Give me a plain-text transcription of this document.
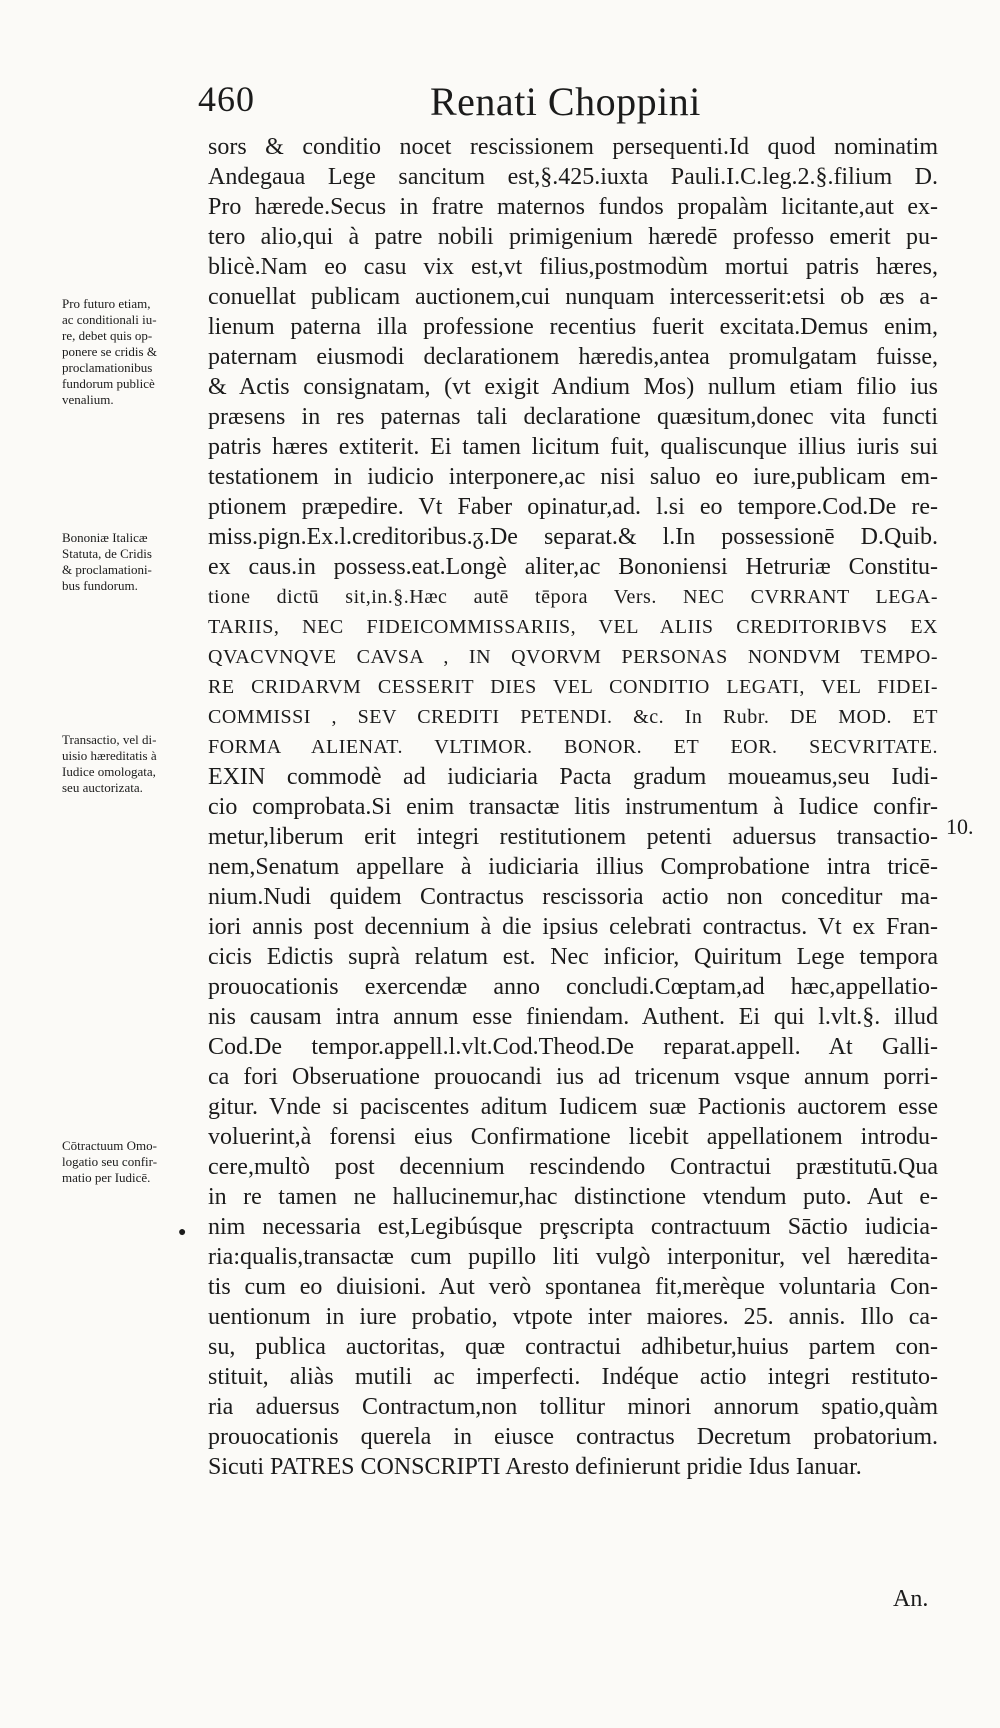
460	Renati Choppini
sors & conditio nocet rescissionem persequenti.Id quod nominatim
Andegaua Lege sancitum est,§.425.iuxta Pauli.I.C.leg.2.§.filium D.
Pro hærede.Secus in fratre maternos fundos propalàm licitante,aut ex-
tero alio,qui à patre nobili primigenium hæredē professo emerit pu-
blicè.Nam eo casu vix est,vt filius,postmodùm mortui patris hæres,
conuellat publicam auctionem,cui nunquam intercesserit:etsi ob æs a-
lienum paterna illa professione recentius fuerit excitata.Demus enim,
paternam eiusmodi declarationem hæredis,antea promulgatam fuisse,
& Actis consignatam, (vt exigit Andium Mos) nullum etiam filio ius
præsens in res paternas tali declaratione quæsitum,donec vita functi
patris hæres extiterit. Ei tamen licitum fuit, qualiscunque illius iuris sui
testationem in iudicio interponere,ac nisi saluo eo iure,publicam em-
ptionem præpedire. Vt Faber opinatur,ad. l.si eo tempore.Cod.De re-
miss.pign.Ex.l.creditoribus.ᵹ.De separat.& l.In possessionē D.Quib.
ex caus.in possess.eat.Longè aliter,ac Bononiensi Hetruriæ Constitu-
tione dictū sit,in.§.Hæc autē tēpora Vers. NEC CVRRANT LEGA-
TARIIS, NEC FIDEICOMMISSARIIS, VEL ALIIS CREDITORIBVS EX
QVACVNQVE CAVSA , IN QVORVM PERSONAS NONDVM TEMPO-
RE CRIDARVM CESSERIT DIES VEL CONDITIO LEGATI, VEL FIDEI-
COMMISSI , SEV CREDITI PETENDI. &c. In Rubr. DE MOD. ET
FORMA ALIENAT. VLTIMOR. BONOR. ET EOR. SECVRITATE.
EXIN commodè ad iudiciaria Pacta gradum moueamus,seu Iudi-
cio comprobata.Si enim transactæ litis instrumentum à Iudice confir-
metur,liberum erit integri restitutionem petenti aduersus transactio-
nem,Senatum appellare à iudiciaria illius Comprobatione intra tricē-
nium.Nudi quidem Contractus rescissoria actio non conceditur ma-
iori annis post decennium à die ipsius celebrati contractus. Vt ex Fran-
cicis Edictis suprà relatum est. Nec inficior, Quiritum Lege tempora
prouocationis exercendæ anno concludi.Cœptam,ad hæc,appellatio-
nis causam intra annum esse finiendam. Authent. Ei qui l.vlt.§. illud
Cod.De tempor.appell.l.vlt.Cod.Theod.De reparat.appell. At Galli-
ca fori Obseruatione prouocandi ius ad tricenum vsque annum porri-
gitur. Vnde si paciscentes aditum Iudicem suæ Pactionis auctorem esse
voluerint,à forensi eius Confirmatione licebit appellationem introdu-
cere,multò post decennium rescindendo Contractui præstitutū.Qua
in re tamen ne hallucinemur,hac distinctione vtendum puto. Aut e-
nim necessaria est,Legibúsque prȩscripta contractuum Sāctio iudicia-
ria:qualis,transactæ cum pupillo liti vulgò interponitur, vel hæredita-
tis cum eo diuisioni. Aut verò spontanea fit,merèque voluntaria Con-
uentionum in iure probatio, vtpote inter maiores. 25. annis. Illo ca-
su, publica auctoritas, quæ contractui adhibetur,huius partem con-
stituit, aliàs mutili ac imperfecti. Indéque actio integri restituto-
ria aduersus Contractum,non tollitur minori annorum spatio,quàm
prouocationis querela in eiusce contractus Decretum probatorium.
Sicuti PATRES CONSCRIPTI Aresto definierunt pridie Idus Ianuar.
Pro futuro etiam,
ac conditionali iu-
re, debet quis op-
ponere se cridis &
proclamationibus
fundorum publicè
venalium.
Bononiæ Italicæ
Statuta, de Cridis
& proclamationi-
bus fundorum.
Transactio, vel di-
uisio hæreditatis à
Iudice omologata,
seu auctorizata.
Cōtractuum Omo-
logatio seu confir-
matio per Iudicē.
●
10.
An.
